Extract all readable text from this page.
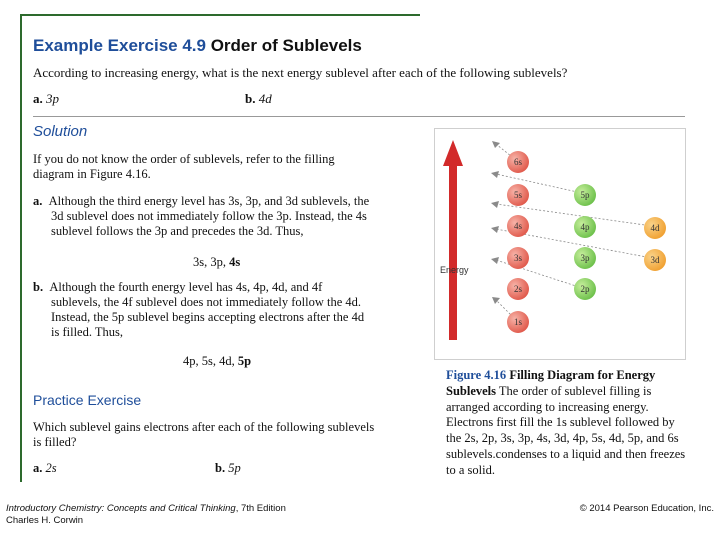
Example Exercise 4.9 Order of Sublevels
According to increasing energy, what is the next energy sublevel after each of the following sublevels?
a. 3p	b. 4d
Solution
If you do not know the order of sublevels, refer to the filling
diagram in Figure 4.16.
a. Although the third energy level has 3s, 3p, and 3d sublevels, the
3d sublevel does not immediately follow the 3p. Instead, the 4s
sublevel follows the 3p and precedes the 3d. Thus,
3s, 3p, 4s
b. Although the fourth energy level has 4s, 4p, 4d, and 4f
sublevels, the 4f sublevel does not immediately follow the 4d.
Instead, the 5p sublevel begins accepting electrons after the 4d
is filled. Thus,
4p, 5s, 4d, 5p
Practice Exercise
Which sublevel gains electrons after each of the following sublevels
is filled?
a. 2s	b. 5p
Energy
6s
5s
4s
3s
2s
1s
5p
4p
3p
2p
4d
3d
Figure 4.16 Filling Diagram for Energy Sublevels The order of sublevel filling is arranged according to increasing energy. Electrons first fill the 1s sublevel followed by the 2s, 2p, 3s, 3p, 4s, 3d, 4p, 5s, 4d, 5p, and 6s sublevels.condenses to a liquid and then freezes to a solid.
Introductory Chemistry: Concepts and Critical Thinking, 7th Edition
Charles H. Corwin
© 2014 Pearson Education, Inc.
